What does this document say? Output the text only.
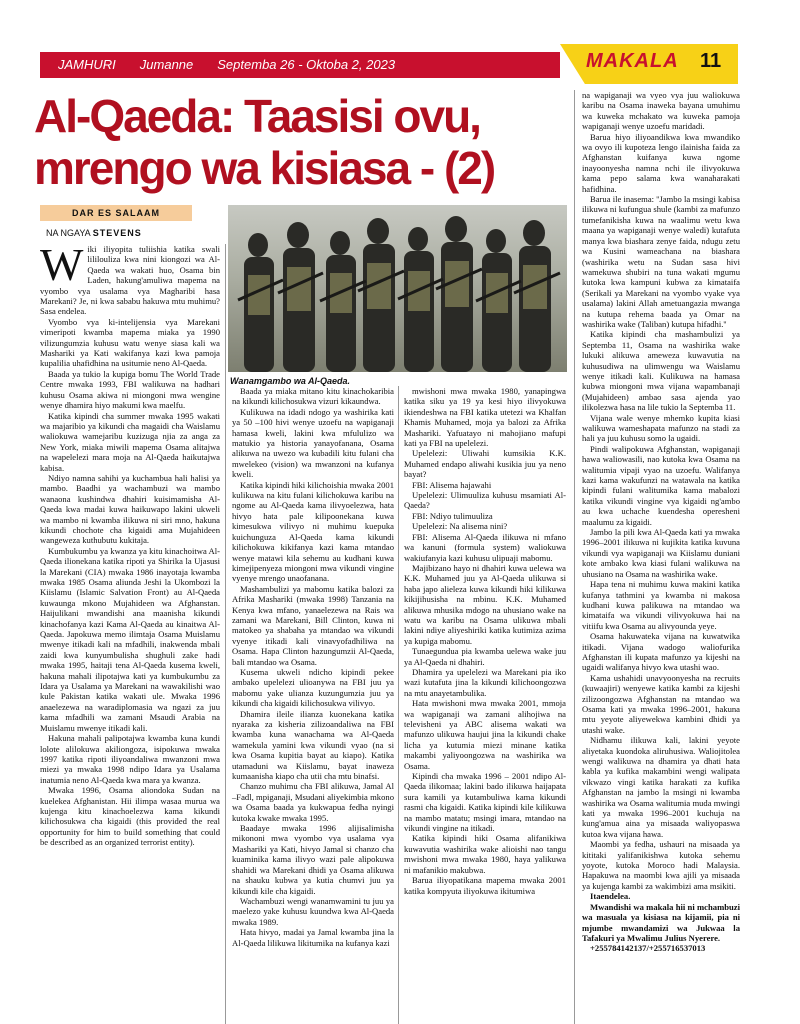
JAMHURI Jumanne Septemba 26 - Oktoba 2, 2023	MAKALA 11
Al-Qaeda: Taasisi ovu,
mrengo wa kisiasa - (2)
DAR ES SALAAM
NA NGAYA STEVENS
Wanamgambo wa Al-Qaeda.

Wiki iliyopita tuliishia katika swali lililouliza kwa nini kiongozi wa Al-Qaeda wa wakati huo, Osama bin Laden, hakung'amuliwa mapema na vyombo vya usalama vya Magharibi hasa Marekani? Je, ni kwa sababu hakuwa mtu muhimu? Sasa endelea.

Vyombo vya ki-intelijensia vya Marekani vimeripoti kwamba mapema miaka ya 1990 vilizungumzia kuhusu watu wenye siasa kali wa Mashariki ya Kati wakifanya kazi kwa pamoja kupalilia uhafidhina na usitumie neno Al-Qaeda.

Baada ya tukio la kupiga bomu The World Trade Centre mwaka 1993, FBI walikuwa na hadhari kuhusu Osama akiwa ni miongoni mwa wengine wenye dhamira hiyo makumi kwa maelfu.

Katika kipindi cha summer mwaka 1995 wakati wa majaribio ya kikundi cha magaidi cha Waislamu waliokuwa wamejaribu kuzizuga njia za anga za New York, miaka miwili mapema Osama alitajwa na wapelelezi mara moja na Al-Qaeda haikutajwa kabisa.

Ndiyo namna sahihi ya kuchambua hali halisi ya mambo. Baadhi ya wachambuzi wa mambo wanaona kushindwa dhahiri kuisimamisha Al-Qaeda kwa madai kuwa haikuwapo lakini ukweli wa mambo ni kwamba ilikuwa ni siri mno, hakuna kikundi chochote cha kigaidi ama Mujahideen wangeweza kuthubutu kukitaja.

Kumbukumbu ya kwanza ya kitu kinachoitwa Al-Qaeda ilionekana katika ripoti ya Shirika la Ujasusi la Marekani (CIA) mwaka 1986 inayotaja kwamba mwaka 1985 Osama aliunda Jeshi la Ukombozi la Kiislamu (Islamic Salvation Front) au Al-Qaeda kuwaunga mkono Mujahideen wa Afghanstan. Haijulikani mwandishi ana maanisha kikundi kinachofanya kazi Kama Al-Qaeda au kinaitwa Al-Qaeda. Japokuwa memo ilimtaja Osama Muislamu mwenye itikadi kali na mfadhili, inakwenda mbali zaidi kwa kunyumbulisha shughuli zake hadi mwaka 1995, haitaji tena Al-Qaeda kusema kweli, hakuna mahali ilipotajwa kati ya kumbukumbu za Idara ya Usalama ya Marekani na wawakilishi wao kule Pakistan katika wakati ule. Mwaka 1996 anaelezewa na waradiplomasia wa ngazi za juu kama mfadhili wa zamani Msaudi Arabia na Muislamu mwenye itikadi kali.

Hakuna mahali palipotajwa kwamba kuna kundi lolote alilokuwa akiliongoza, isipokuwa mwaka 1997 katika ripoti iliyoandaliwa mwanzoni mwa miezi ya mwaka 1998 ndipo Idara ya Usalama inatumia neno Al-Qaeda kwa mara ya kwanza.

Mwaka 1996, Osama aliondoka Sudan na kuelekea Afghanistan. Hii ilimpa wasaa murua wa kujenga kitu kinachoelezwa kama kikundi kilichosukwa cha kigaidi (this provided the real opportunity for him to build something that could be described as an organized terrorist entity).

Baada ya miaka mitano kitu kinachokaribia na kikundi kilichosukwa vizuri kikaundwa.

Kulikuwa na idadi ndogo ya washirika kati ya 50 –100 hivi wenye uzoefu na wapiganaji hamasa kweli, lakini kwa mfululizo wa matukio ya historia yanayofanana, Osama alikuwa na uwezo wa kubadili kitu fulani cha mwelekeo (vision) wa mwanzoni na kufanya kweli.

Katika kipindi hiki kilichoishia mwaka 2001 kulikuwa na kitu fulani kilichokuwa karibu na ngome au Al-Qaeda kama ilivyoelezwa, hata hivyo hata pale kilipoonekana kuwa kimesukwa vilivyo ni muhimu kuepuka kuichunguza Al-Qaeda kama kikundi kilichokuwa kikifanya kazi kama mtandao wenye matawi kila sehemu au kudhani kuwa kimejipenyeza miongoni mwa vikundi vingine vyenye mrengo unaofanana.

Mashambulizi ya mabomu katika balozi za Afrika Mashariki (mwaka 1998) Tanzania na Kenya kwa mfano, yanaelezewa na Rais wa zamani wa Marekani, Bill Clinton, kuwa ni matokeo ya shabaha ya mtandao wa vikundi vyenye itikadi kali vinavyofadhiliwa na Osama. Hapa Clinton hazungumzii Al-Qaeda, bali mtandao wa Osama.

Kusema ukweli ndicho kipindi pekee ambako upelelezi ulioanywa na FBI juu ya mabomu yake ulianza kuzungumzia juu ya kikundi cha kigaidi kilichosukwa vilivyo.

Dhamira ileile ilianza kuonekana katika nyaraka za kisheria zilizoandaliwa na FBI kwamba kuna wanachama wa Al-Qaeda wamekula yamini kwa vikundi vyao (na si kwa Osama kupitia bayat au kiapo). Katika utamaduni wa Kiislamu, bayat inaweza kumaanisha kiapo cha utii cha mtu binafsi.

Chanzo muhimu cha FBI alikuwa, Jamal Al –Fadl, mpiganaji, Msudani aliyekimbia mkono wa Osama baada ya kukwapua fedha nyingi kutoka kwake mwaka 1995.

Baadaye mwaka 1996 alijisalimisha mikononi mwa vyombo vya usalama vya Mashariki ya Kati, hivyo Jamal si chanzo cha kuaminika kama ilivyo wazi pale alipokuwa shahidi wa Marekani dhidi ya Osama alikuwa na shauku kubwa ya kutia chumvi juu ya kikundi kile cha kigaidi.

Wachambuzi wengi wanamwamini tu juu ya maelezo yake kuhusu kuundwa kwa Al-Qaeda mwaka 1989.

Hata hivyo, madai ya Jamal kwamba jina la Al-Qaeda lilikuwa likitumika na kufanya kazi

mwishoni mwa mwaka 1980, yanapingwa katika siku ya 19 ya kesi hiyo ilivyokuwa ikiendeshwa na FBI katika utetezi wa Khalfan Khamis Muhamed, moja ya balozi za Afrika Mashariki. Yafuatayo ni mahojiano mafupi kati ya FBI na upelelezi.

Upelelezi: Uliwahi kumsikia K.K. Muhamed endapo aliwahi kusikia juu ya neno bayat?

FBI: Alisema hajawahi

Upelelezi: Ulimuuliza kuhusu msamiati Al-Qaeda?

FBI: Ndiyo tulimuuliza

Upelelezi: Na alisema nini?

FBI: Alisema Al-Qaeda ilikuwa ni mfano wa kanuni (formula system) waliokuwa wakiufanyia kazi kuhusu ulipuaji mabomu.

Majibizano hayo ni dhahiri kuwa uelewa wa K.K. Muhamed juu ya Al-Qaeda ulikuwa si haba japo alieleza kuwa kikundi hiki kilikuwa kikijihusisha na mbinu. K.K. Muhamed alikuwa mhusika mdogo na uhusiano wake na watu wa karibu na Osama ulikuwa mbali lakini ndiye aliyeshiriki katika kutimiza azima ya kupiga mabomu.

Tunaegundua pia kwamba uelewa wake juu ya Al-Qaeda ni dhahiri.

Dhamira ya upelelezi wa Marekani pia iko wazi kutafuta jina la kikundi kilichoongozwa na mtu anayetambulika.

Hata mwishoni mwa mwaka 2001, mmoja wa wapiganaji wa zamani alihojiwa na televisheni ya ABC alisema wakati wa mafunzo ulikuwa haujui jina la kikundi chake licha ya kutumia miezi minane katika makambi yaliyoongozwa na washirika wa Osama.

Kipindi cha mwaka 1996 – 2001 ndipo Al-Qaeda ilikomaa; lakini bado ilikuwa haijapata sura kamili ya kutambuliwa kama kikundi rasmi cha kigaidi. Katika kipindi kile kilikuwa na mambo matatu; msingi imara, mtandao na vikundi vingine na itikadi.

Katika kipindi hiki Osama alifanikiwa kuwavutia washirika wake alioishi nao tangu mwishoni mwa mwaka 1980, haya yalikuwa ni mafanikio makubwa.

Barua iliyopatikana mapema mwaka 2001 katika kompyuta iliyokuwa ikitumiwa

na wapiganaji wa vyeo vya juu waliokuwa karibu na Osama inaweka bayana umuhimu wa kuweka mchakato wa kuweka pamoja wapiganaji wenye uzoefu maridadi.

Barua hiyo iliyoandikwa kwa mwandiko wa ovyo ili kupoteza lengo ilainisha faida za Afghanstan kuifanya kuwa ngome inayoonyesha namna nchi ile ilivyokuwa kama pepo salama kwa wanaharakati hafidhina.

Barua ile inasema: ''Jambo la msingi kabisa ilikuwa ni kufungua shule (kambi za mafunzo tumefanikisha kuwa na waalimu wetu kwa maana ya wapiganaji wenye waledi) kutafuta manya kwa biashara zenye faida, ndugu zetu wa Kusini wameachana na biashara (washirika wetu na Sudan sasa hivi wamekuwa shubiri na tuna wakati mgumu kutoka kwa kampuni kubwa za kimataifa (Serikali ya Marekani na vyombo vyake vya usalama) lakini Allah ametuangazia mwanga na kutupa rehema baada ya Omar na washirika wake (Taliban) kutupa hifadhi.''

Katika kipindi cha mashambulizi ya Septemba 11, Osama na washirika wake lukuki alikuwa ameweza kuwavutia na kuhusudiwa na ulimwengu wa Waislamu wenye itikadi kali. Kulikuwa na hamasa kubwa miongoni mwa vijana wapambanaji (Mujahideen) ambao sasa ajenda yao ilikolezwa hasa na lile tukio la Septemba 11.

Vijana wale wenye mhemko kupita kiasi walikuwa wameshapata mafunzo na stadi za hali ya juu kuhusu somo la ugaidi.

Pindi walipokuwa Afghanstan, wapiganaji hawa waliowasili, nao kutoka kwa Osama na walitumia vipaji vyao na uzoefu. Walifanya kazi kama wakufunzi na watawala na katika kipindi fulani walitumika kama mabalozi katika vikundi vingine vya kigaidi ng'ambo au kwa uchache kuendesha operesheni maalumu za kigaidi.

Jambo la pili kwa Al-Qaeda kati ya mwaka 1996–2001 ilikuwa ni kujikita katika kuvuna vikundi vya wapiganaji wa Kiislamu duniani kote ambako kwa kiasi fulani walikuwa na uhusiano na Osama na washirika wake.

Hapa tena ni muhimu kuwa makini katika kufanya tathmini ya kwamba ni makosa kudhani kuwa palikuwa na mtandao wa kimataifa wa vikundi vilivyokuwa hai na vitiifu kwa Osama au alivyounda yeye.

Osama hakuwateka vijana na kuwatwika itikadi. Vijana wadogo waliofurika Afghanstan ili kupata mafunzo ya kijeshi na ugaidi walifanya hivyo kwa utashi wao.

Kama ushahidi unavyoonyesha na recruits (kuwaajiri) wenyewe katika kambi za kijeshi zilizoongozwa Afghanstan na mtandao wa Osama kati ya mwaka 1996–2001, hakuna mtu yeyote aliyewekwa kambini dhidi ya utashi wake.

Nidhamu ilikuwa kali, lakini yeyote aliyetaka kuondoka aliruhusiwa. Waliojitolea wengi walikuwa na dhamira ya dhati hata kabla ya kufika makambini wengi walipata vikwazo vingi katika harakati za kufika Afghanstan na jambo la msingi ni kwamba washirika wa Osama walitumia muda mwingi kati ya mwaka 1996–2001 kuchuja na kung'amua aina ya misaada waliyopaswa kutoa kwa vijana hawa.

Maombi ya fedha, ushauri na misaada ya kititaki yalifanikishwa kutoka sehemu yoyote, kutoka Moroco hadi Malaysia. Hapakuwa na maombi kwa ajili ya misaada ya kujenga kambi za wakimbizi ama msikiti.

Itaendelea.

Mwandishi wa makala hii ni mchambuzi wa masuala ya kisiasa na kijamii, pia ni mjumbe mwandamizi wa Jukwaa la Tafakuri ya Mwalimu Julius Nyerere.

+255784142137/+255716537013
